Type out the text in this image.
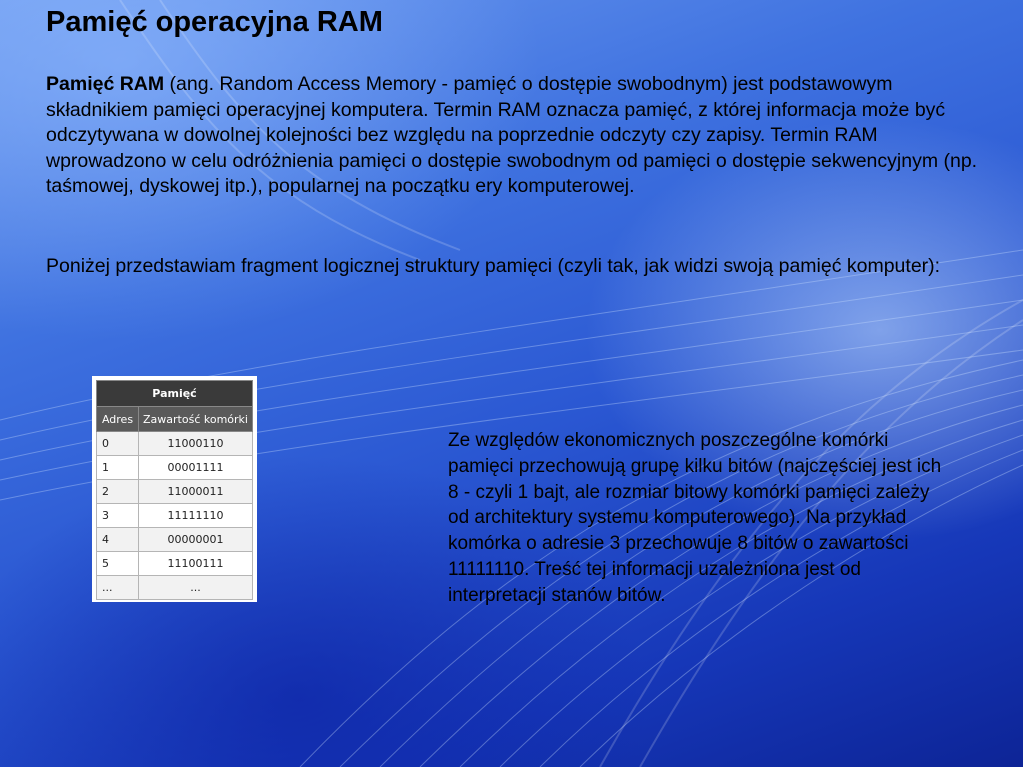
Pamięć operacyjna RAM

Pamięć RAM (ang. Random Access Memory - pamięć o dostępie swobodnym) jest podstawowym składnikiem pamięci operacyjnej komputera. Termin RAM oznacza pamięć, z której informacja może być odczytywana w dowolnej kolejności bez względu na poprzednie odczyty czy zapisy. Termin RAM wprowadzono w celu odróżnienia pamięci o dostępie swobodnym od pamięci o dostępie sekwencyjnym (np. taśmowej, dyskowej itp.), popularnej na początku ery komputerowej.

Poniżej przedstawiam fragment logicznej struktury pamięci (czyli tak, jak widzi swoją pamięć komputer):

Pamięć	
Adres	Zawartość komórki
0	11000110
1	00001111
2	11000011
3	11111110
4	00000001
5	11100111
...	...

Ze względów ekonomicznych poszczególne komórki pamięci przechowują grupę kilku bitów (najczęściej jest ich 8 - czyli 1 bajt, ale rozmiar bitowy komórki pamięci zależy od architektury systemu komputerowego). Na przykład komórka o adresie 3 przechowuje 8 bitów o zawartości 11111110. Treść tej informacji uzależniona jest od interpretacji stanów bitów.
